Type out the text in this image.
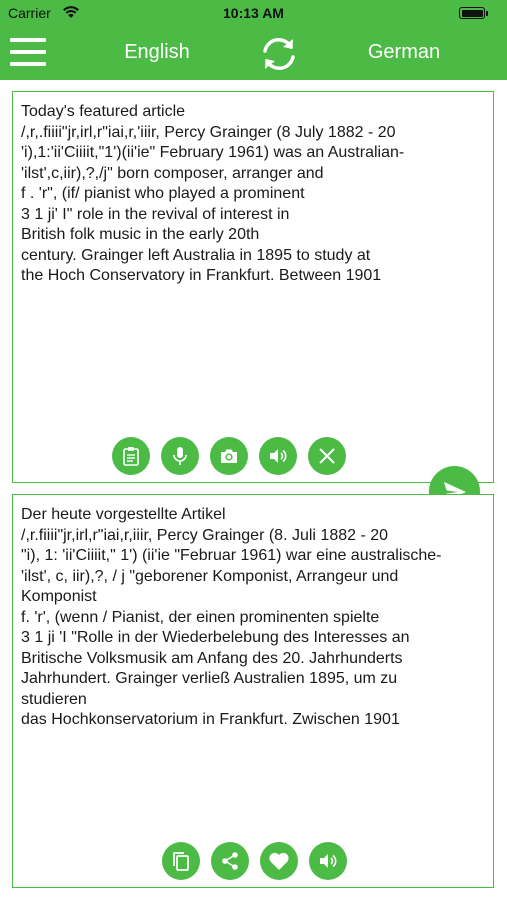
Carrier	10:13 AM
English	German
Today's featured article
/,r,.fiiii"jr,irl,r"iai,r,'iiir, Percy Grainger (8 July 1882 - 20
'i),1:'ii'Ciiiit,"1')(ii'ie" February 1961) was an Australian-
'ilst',c,iir),?,/j" born composer, arranger and
f . 'r", (if/ pianist who played a prominent
3 1 ji' I" role in the revival of interest in
British folk music in the early 20th
century. Grainger left Australia in 1895 to study at
the Hoch Conservatory in Frankfurt. Between 1901
Der heute vorgestellte Artikel
/,r.fiiii"jr,irl,r"iai,r,iiir, Percy Grainger (8. Juli 1882 - 20
"i), 1: 'ii'Ciiiit," 1') (ii'ie "Februar 1961) war eine australische-
'ilst', c, iir),?, / j "geborener Komponist, Arrangeur und
Komponist
f. 'r', (wenn / Pianist, der einen prominenten spielte
3 1 ji 'I "Rolle in der Wiederbelebung des Interesses an
Britische Volksmusik am Anfang des 20. Jahrhunderts
Jahrhundert. Grainger verließ Australien 1895, um zu
studieren
das Hochkonservatorium in Frankfurt. Zwischen 1901
